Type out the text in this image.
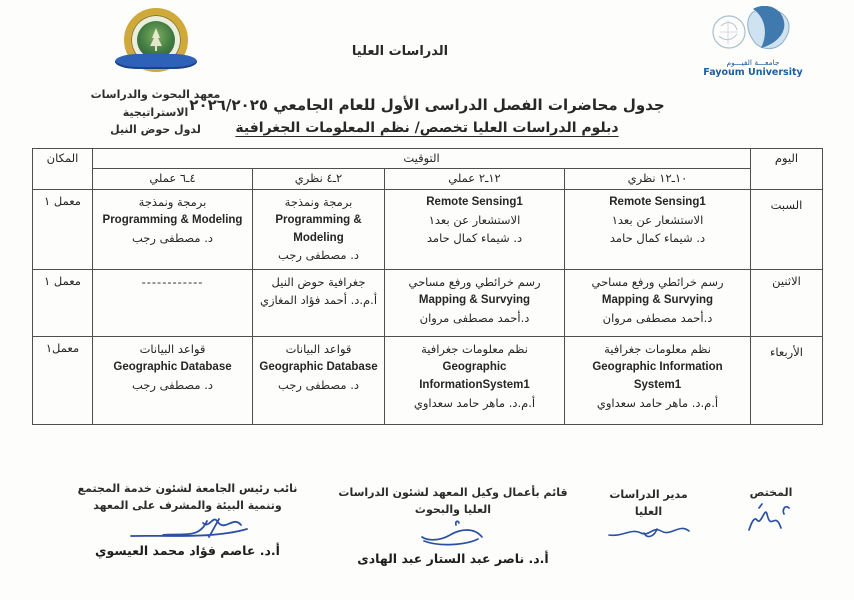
معهد البحوث والدراسات الاستراتيجية
لدول حوض النيل
الدراسات العليا
جامعـــة الفيـــوم
Fayoum University
جدول محاضرات الفصل الدراسى الأول للعام الجامعي ٢٠٢٦/٢٠٢٥
دبلوم الدراسات العليا تخصص/ نظم المعلومات الجغرافية
اليوم	التوقيت				المكان
	١٠ـ١٢ نظري	١٢ـ٢ عملي	٢ـ٤ نظري	٤ـ٦ عملي	
السبت	Remote Sensing1
الاستشعار عن بعد١
د. شيماء كمال حامد	Remote Sensing1
الاستشعار عن بعد١
د. شيماء كمال حامد	برمجة ونمذجة
Programming & Modeling
د. مصطفى رجب	برمجة ونمذجة
Programming & Modeling
د. مصطفى رجب	معمل ١
الاثنين	رسم خرائطي ورفع مساحي
Mapping & Survying
د.أحمد مصطفى مروان	رسم خرائطي ورفع مساحي
Mapping & Survying
د.أحمد مصطفى مروان	جغرافية حوض النيل
أ.م.د. أحمد فؤاد المغازي	------------	معمل ١
الأربعاء	نظم معلومات جغرافية
Geographic Information System1
أ.م.د. ماهر حامد سعداوي	نظم معلومات جغرافية
Geographic InformationSystem1
أ.م.د. ماهر حامد سعداوي	قواعد البيانات
Geographic Database
د. مصطفى رجب	قواعد البيانات
Geographic Database
د. مصطفى رجب	معمل١
المختص
مدير الدراسات العليا
قائم بأعمال وكيل المعهد لشئون الدراسات العليا والبحوث
أ.د. ناصر عبد الستار عبد الهادى
نائب رئيس الجامعة لشئون خدمة المجتمع
وتنمية البيئة والمشرف على المعهد
أ.د. عاصم فؤاد محمد العيسوي
